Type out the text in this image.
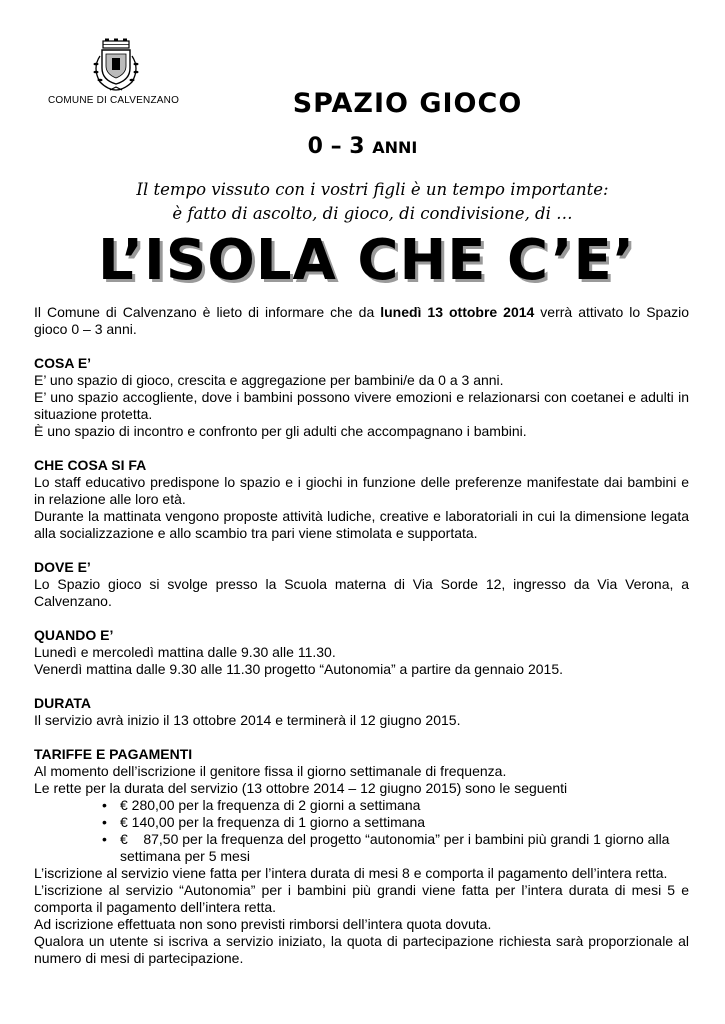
COMUNE DI CALVENZANO	SPAZIO GIOCO
0 – 3 ANNI
Il tempo vissuto con i vostri figli è un tempo importante:
è fatto di ascolto, di gioco, di condivisione, di …
L’ISOLA CHE C’E’

Il Comune di Calvenzano è lieto di informare che da lunedì 13 ottobre 2014 verrà attivato lo Spazio gioco 0 – 3 anni.

COSA E’

E’ uno spazio di gioco, crescita e aggregazione per bambini/e da 0 a 3 anni.

E’ uno spazio accogliente, dove i bambini possono vivere emozioni e relazionarsi con coetanei e adulti in situazione protetta.

È uno spazio di incontro e confronto per gli adulti che accompagnano i bambini.

CHE COSA SI FA

Lo staff educativo predispone lo spazio e i giochi in funzione delle preferenze manifestate dai bambini e in relazione alle loro età.

Durante la mattinata vengono proposte attività ludiche, creative e laboratoriali in cui la dimensione legata alla socializzazione e allo scambio tra pari viene stimolata e supportata.

DOVE E’

Lo Spazio gioco si svolge presso la Scuola materna di Via Sorde 12, ingresso da Via Verona, a Calvenzano.

QUANDO E’

Lunedì e mercoledì mattina dalle 9.30 alle 11.30.

Venerdì mattina dalle 9.30 alle 11.30 progetto “Autonomia” a partire da gennaio 2015.

DURATA

Il servizio avrà inizio il 13 ottobre 2014 e terminerà il 12 giugno 2015.

TARIFFE E PAGAMENTI

Al momento dell’iscrizione il genitore fissa il giorno settimanale di frequenza.

Le rette per la durata del servizio (13 ottobre 2014 – 12 giugno 2015) sono le seguenti

• € 280,00 per la frequenza di 2 giorni a settimana
• € 140,00 per la frequenza di 1 giorno a settimana
• €    87,50 per la frequenza del progetto “autonomia” per i bambini più grandi 1 giorno alla settimana per 5 mesi

L’iscrizione al servizio viene fatta per l’intera durata di mesi 8 e comporta il pagamento dell’intera retta.

L’iscrizione al servizio “Autonomia” per i bambini più grandi viene fatta per l’intera durata di mesi 5 e comporta il pagamento dell’intera retta.

Ad iscrizione effettuata non sono previsti rimborsi dell’intera quota dovuta.

Qualora un utente si iscriva a servizio iniziato, la quota di partecipazione richiesta sarà proporzionale al numero di mesi di partecipazione.
